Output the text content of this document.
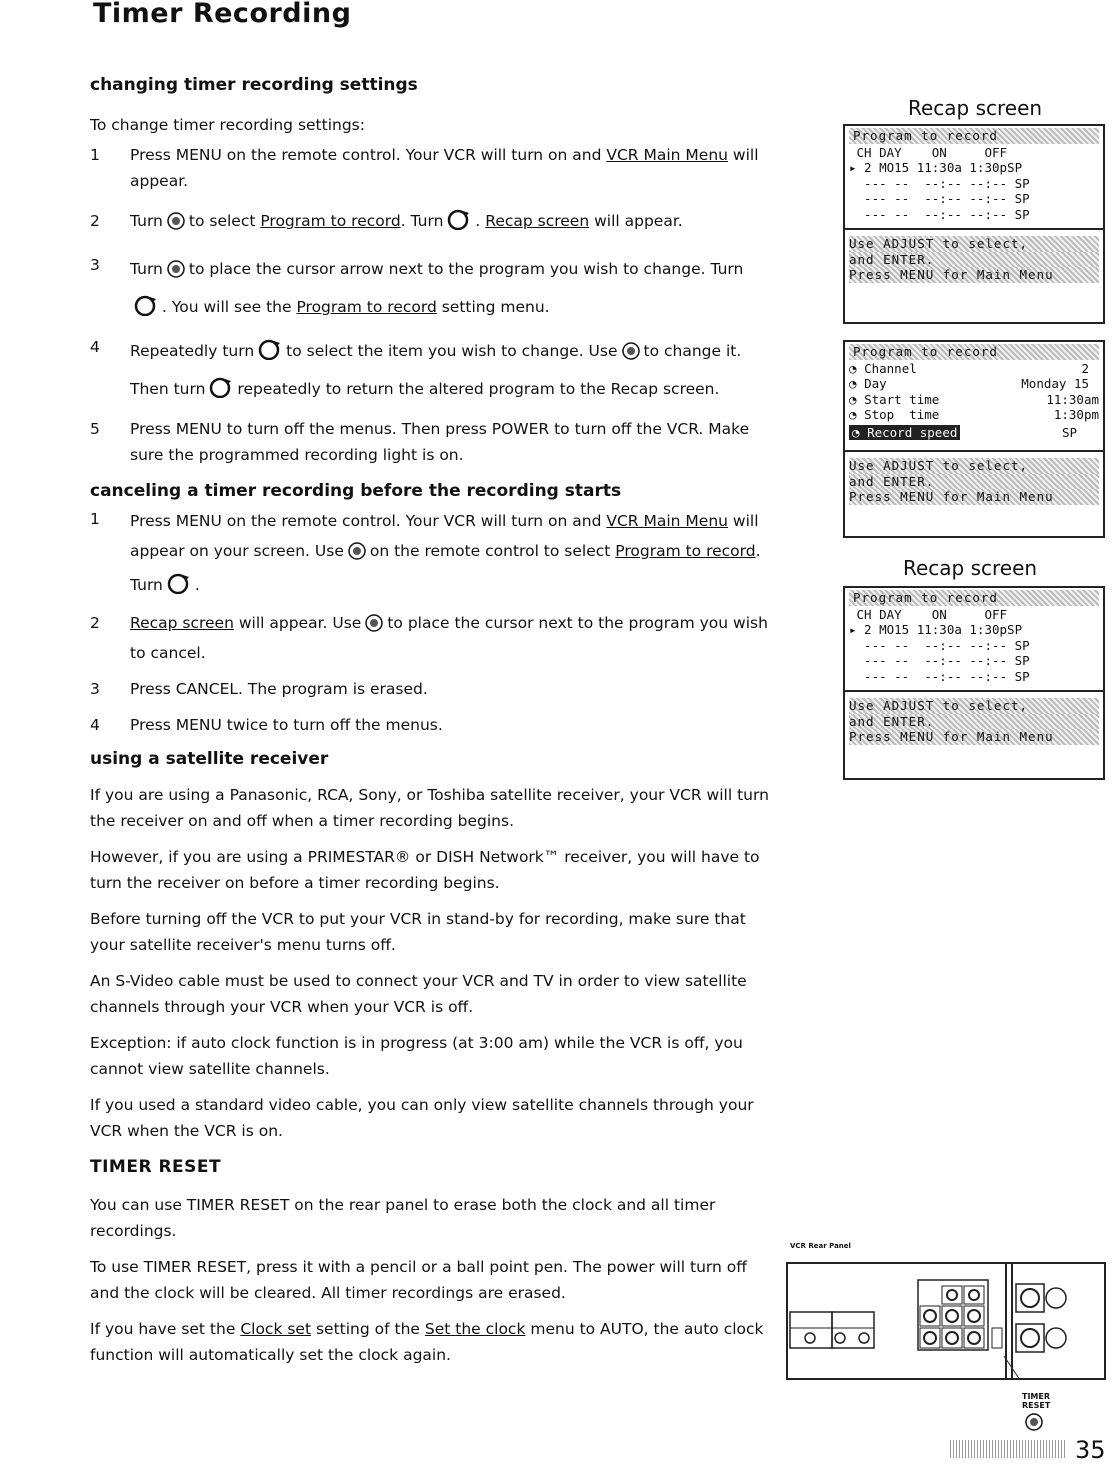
Timer Recording
changing timer recording settings
To change timer recording settings:
1	Press MENU on the remote control. Your VCR will turn on and VCR Main Menu will appear.
2	Turn to select Program to record. Turn . Recap screen will appear.
3	Turn to place the cursor arrow next to the program you wish to change. Turn. You will see the Program to record setting menu.
4	Repeatedly turn to select the item you wish to change. Use to change it. Then turn repeatedly to return the altered program to the Recap screen.
5	Press MENU to turn off the menus. Then press POWER to turn off the VCR. Make sure the programmed recording light is on.
canceling a timer recording before the recording starts
1	Press MENU on the remote control. Your VCR will turn on and VCR Main Menu will appear on your screen. Use on the remote control to select Program to record. Turn .
2	Recap screen will appear. Use to place the cursor next to the program you wish to cancel.
3	Press CANCEL. The program is erased.
4	Press MENU twice to turn off the menus.
using a satellite receiver
If you are using a Panasonic, RCA, Sony, or Toshiba satellite receiver, your VCR will turn the receiver on and off when a timer recording begins.
However, if you are using a PRIMESTAR® or DISH Network™ receiver, you will have to turn the receiver on before a timer recording begins.
Before turning off the VCR to put your VCR in stand-by for recording, make sure that your satellite receiver's menu turns off.
An S-Video cable must be used to connect your VCR and TV in order to view satellite channels through your VCR when your VCR is off.
Exception: if auto clock function is in progress (at 3:00 am) while the VCR is off, you cannot view satellite channels.
If you used a standard video cable, you can only view satellite channels through your VCR when the VCR is on.
TIMER RESET
You can use TIMER RESET on the rear panel to erase both the clock and all timer recordings.
To use TIMER RESET, press it with a pencil or a ball point pen. The power will turn off and the clock will be cleared. All timer recordings are erased.
If you have set the Clock set setting of the Set the clock menu to AUTO, the auto clock function will automatically set the clock again.
Recap screen
Program to record
CH DAY    ON     OFF
▸ 2 MO15 11:30a 1:30pSP
--- --  --:-- --:-- SP
--- --  --:-- --:-- SP
--- --  --:-- --:-- SP
Use ADJUST to select,
and ENTER.
Press MENU for Main Menu
Program to record
◔ Channel	2
◔ Day	Monday 15
◔ Start time	11:30am
◔ Stop  time	1:30pm
◔ Record speed	SP
Use ADJUST to select,
and ENTER.
Press MENU for Main Menu
Recap screen
Program to record
CH DAY    ON     OFF
▸ 2 MO15 11:30a 1:30pSP
--- --  --:-- --:-- SP
--- --  --:-- --:-- SP
--- --  --:-- --:-- SP
Use ADJUST to select,
and ENTER.
Press MENU for Main Menu
VCR Rear Panel
TIMER
RESET
35
